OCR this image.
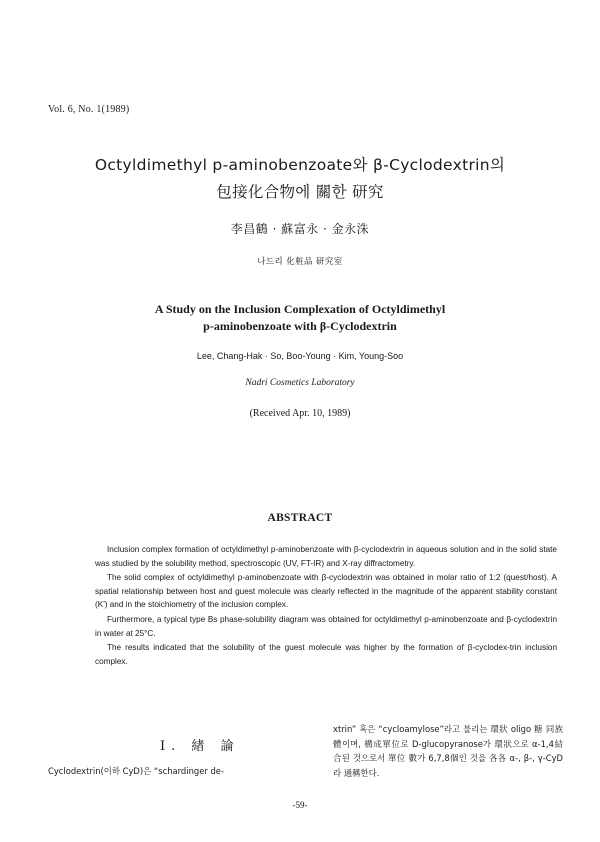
Vol. 6, No. 1(1989)
Octyldimethyl p-aminobenzoate와 β-Cyclodextrin의
包接化合物에 關한 研究
李昌鶴 · 蘇富永 · 金永洙
나드리 化粧品 研究室
A Study on the Inclusion Complexation of Octyldimethyl
p-aminobenzoate with β-Cyclodextrin
Lee, Chang-Hak · So, Boo-Young · Kim, Young-Soo
Nadri Cosmetics Laboratory
(Received Apr. 10, 1989)
ABSTRACT

Inclusion complex formation of octyldimethyl p-aminobenzoate with β-cyclodextrin in aqueous solution and in the solid state was studied by the solubility method, spectroscopic (UV, FT-IR) and X-ray diffractometry.

The solid complex of octyldimethyl p-aminobenzoate with β-cyclodextrin was obtained in molar ratio of 1:2 (quest/host). A spatial relationship between host and guest molecule was clearly reflected in the magnitude of the apparent stability constant (K') and in the stoichiometry of the inclusion complex.

Furthermore, a typical type Bs phase-solubility diagram was obtained for octyldimethyl p-aminobenzoate and β-cyclodextrin in water at 25°C.

The results indicated that the solubility of the guest molecule was higher by the formation of β-cyclodex-trin inclusion complex.

I. 緖 論
Cyclodextrin(이하 CyD)은 “schardinger de-

xtrin” 혹은 “cycloamylose”라고 불리는 環狀 oligo 糖 同族體이며, 構成單位로 D-glucopyranose가 環狀으로 α-1,4結合된 것으로서 單位 數가 6,7,8個인 것을 各各 α-, β-, γ-CyD라 通稱한다.

-59-
